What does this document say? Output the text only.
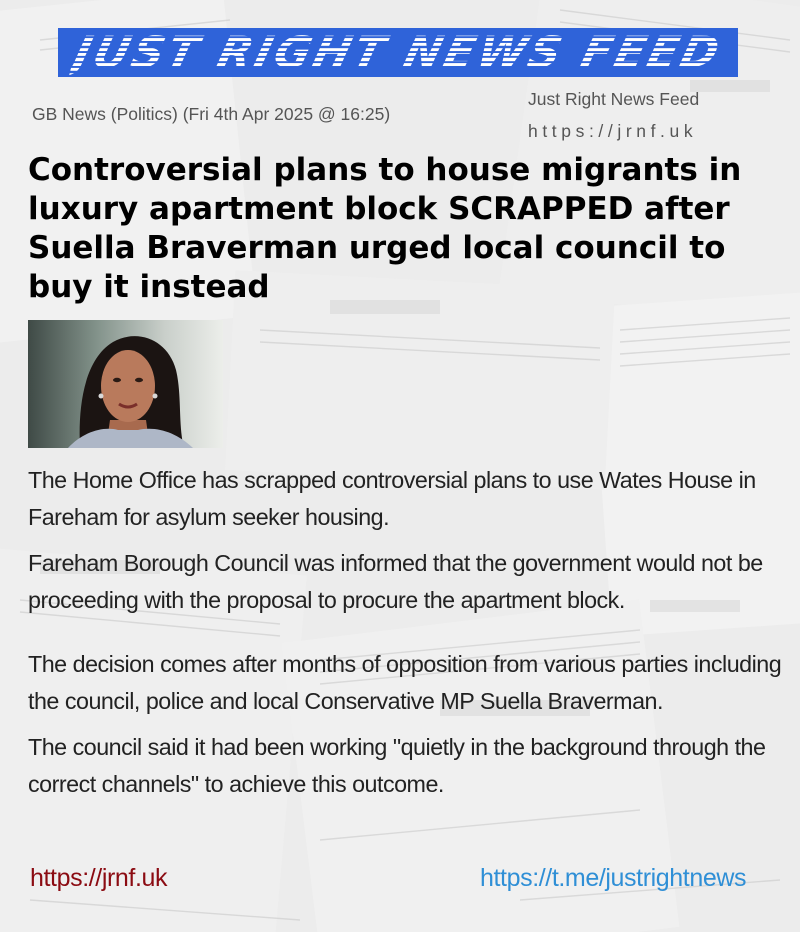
JUST RIGHT NEWS FEED
GB News (Politics) (Fri 4th Apr 2025 @ 16:25)
Just Right News Feed
https://jrnf.uk
Controversial plans to house migrants in luxury apartment block SCRAPPED after Suella Braverman urged local council to buy it instead

The Home Office has scrapped controversial plans to use Wates House in Fareham for asylum seeker housing.

Fareham Borough Council was informed that the government would not be proceeding with the proposal to procure the apartment block.

The decision comes after months of opposition from various parties including the council, police and local Conservative MP Suella Braverman.

The council said it had been working "quietly in the background through the correct channels" to achieve this outcome.

https://jrnf.uk	https://t.me/justrightnews
